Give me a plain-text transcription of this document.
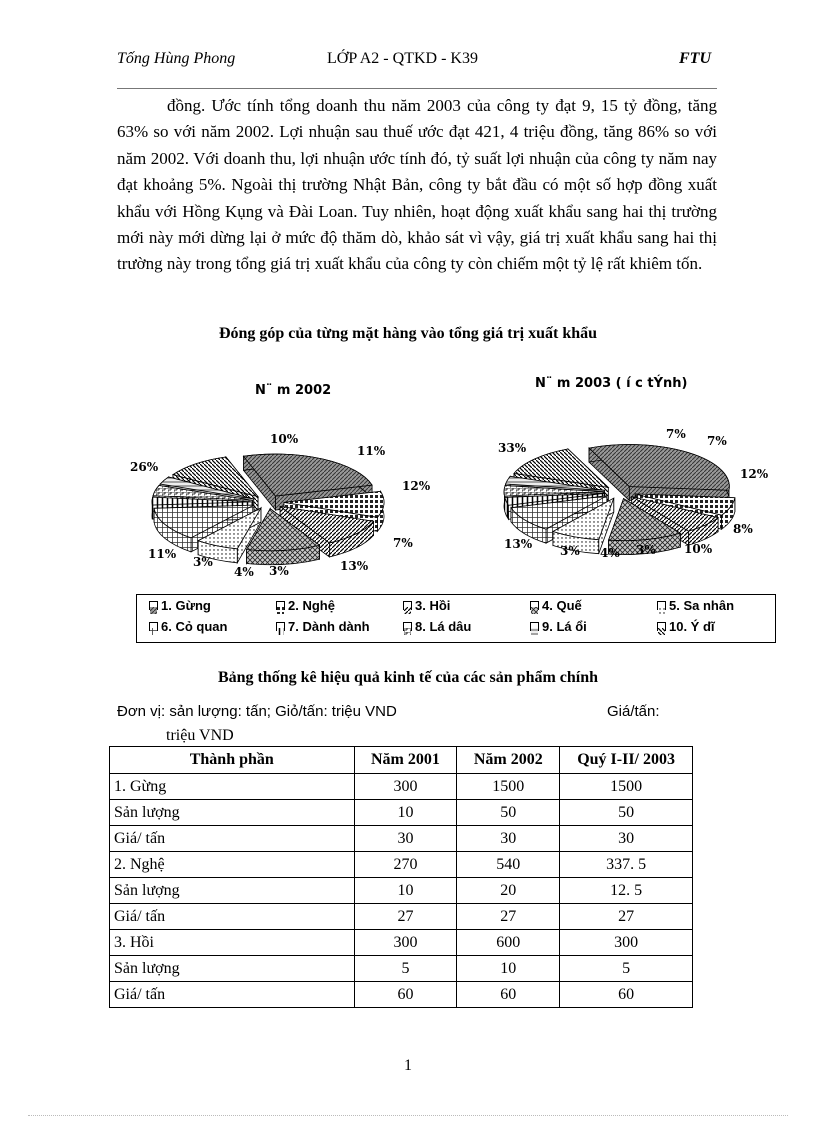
Tống Hùng Phong	LỚP A2 - QTKD - K39	FTU
đồng. Ước tính tổng doanh thu năm 2003 của công ty đạt 9, 15 tỷ đồng, tăng 63% so với năm 2002. Lợi nhuận sau thuế ước đạt 421, 4 triệu đồng, tăng 86% so với năm 2002. Với doanh thu, lợi nhuận ước tính đó, tỷ suất lợi nhuận của công ty năm nay đạt khoảng 5%. Ngoài thị trường Nhật Bản, công ty bắt đầu có một số hợp đồng xuất khẩu với Hồng Kụng và Đài Loan. Tuy nhiên, hoạt động xuất khẩu sang hai thị trường mới này mới dừng lại ở mức độ thăm dò, khảo sát vì vậy, giá trị xuất khẩu sang hai thị trường này trong tổng giá trị xuất khẩu của công ty còn chiếm một tỷ lệ rất khiêm tốn.
Đóng góp của từng mặt hàng vào tổng giá trị xuất khẩu
N¨ m 2002	N¨ m 2003 ( í c tÝnh)
26%
10%
11%
12%
7%
13%
3%
4%
3%
11%
33%
7% 7%
12%
8%
10%
3%
4%
3%
13%
1. Gừng	2. Nghệ	3. Hồi	4. Quế	5. Sa nhân
6. Cỏ quan	7. Dành dành	8. Lá dâu	9. Lá ổi	10. Ý dĩ
Bảng thống kê hiệu quả kinh tế của các sản phẩm chính
Đơn vị: sản lượng: tấn; Giỏ/tấn: triệu VND	Giá/tấn:
triệu VND
Thành phần	Năm 2001	Năm 2002	Quý I-II/ 2003
1. Gừng	300	1500	1500
Sản lượng	10	50	50
Giá/ tấn	30	30	30
2. Nghệ	270	540	337. 5
Sản lượng	10	20	12. 5
Giá/ tấn	27	27	27
3. Hồi	300	600	300
Sản lượng	5	10	5
Giá/ tấn	60	60	60
1
